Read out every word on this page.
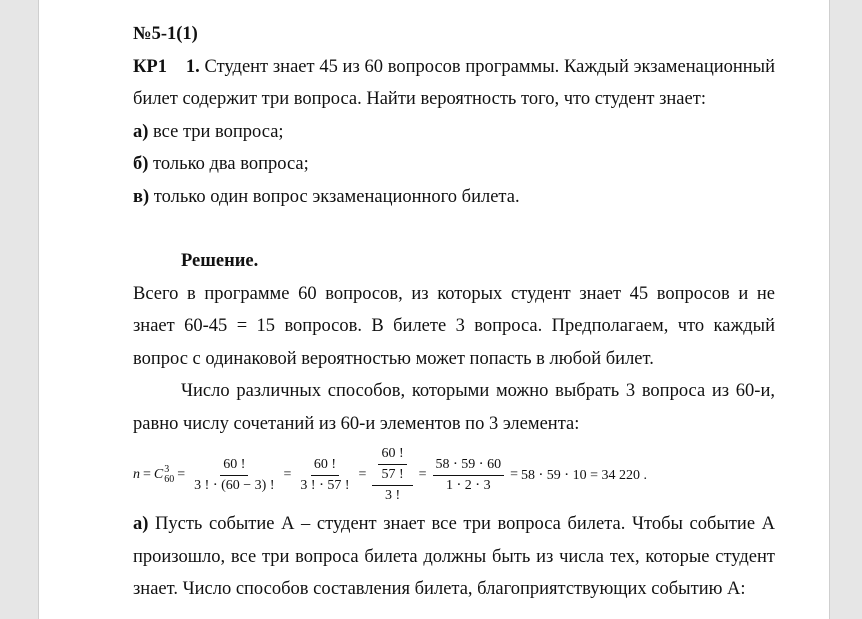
№5-1(1)
КР1 1. Студент знает 45 из 60 вопросов программы. Каждый экзаменационный
билет содержит три вопроса. Найти вероятность того, что студент знает:
а) все три вопроса;
б) только два вопроса;
в) только один вопрос экзаменационного билета.
Решение.
Всего в программе 60 вопросов, из которых студент знает 45 вопросов и не
знает 60-45 = 15 вопросов. В билете 3 вопроса. Предполагаем, что каждый
вопрос с одинаковой вероятностью может попасть в любой билет.
Число различных способов, которыми можно выбрать 3 вопроса из 60-и,
равно числу сочетаний из 60-и элементов по 3 элемента:
n = C 3
$60 = \frac{60 !}{3 ! \cdot (60 - 3) !} = \frac{60 !}{3 ! \cdot 57 !} = \frac{\frac{60 !}{57 !}}{3 !} = \frac{58 \cdot 59 \cdot 60}{1 \cdot 2 \cdot 3} = 58 \cdot 59 \cdot 10 = 34$ 220 .
а) Пусть событие А – студент знает все три вопроса билета. Чтобы событие А
произошло, все три вопроса билета должны быть из числа тех, которые студент
знает. Число способов составления билета, благоприятствующих событию А:
